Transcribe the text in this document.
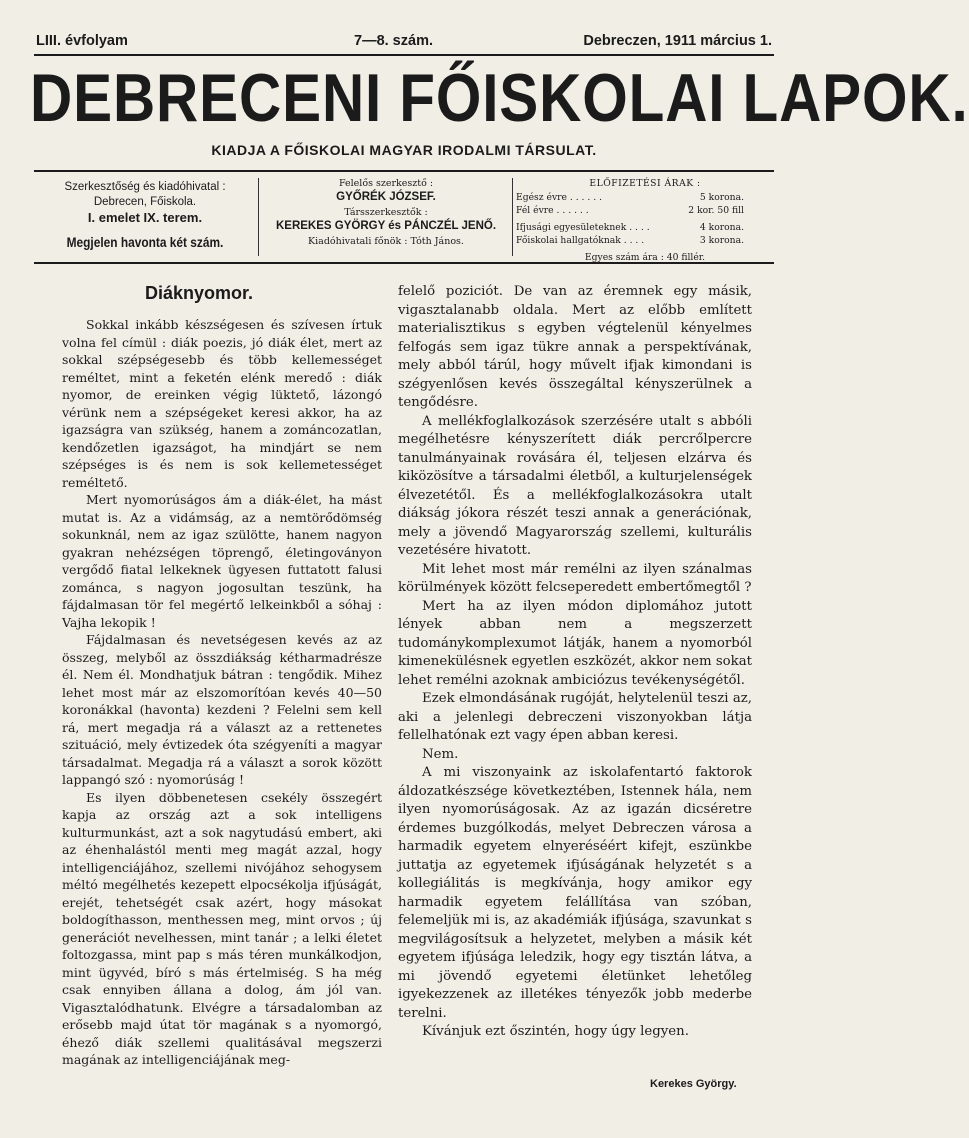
LIII. évfolyam	7—8. szám.	Debreczen, 1911 március 1.
DEBRECENI FŐISKOLAI LAPOK.
KIADJA A FŐISKOLAI MAGYAR IRODALMI TÁRSULAT.
Szerkesztőség és kiadóhivatal :
Debrecen, Főiskola.
I. emelet IX. terem.
Megjelen havonta két szám.
Felelős szerkesztő :
GYŐRÉK JÓZSEF.
Társszerkesztők :
KEREKES GYÖRGY és PÁNCZÉL JENŐ.
Kiadóhivatali főnök : Tóth János.
ELŐFIZETÉSI ÁRAK :
Egész évre . . . . . .	5 korona.
Fél évre . . . . . .	2 kor. 50 fill
Ifjusági egyesületeknek . . . .	4 korona.
Főiskolai hallgatóknak . . . .	3 korona.
Egyes szám ára : 40 fillér.
Diáknyomor.

Sokkal inkább készségesen és szívesen írtuk volna fel címül : diák poezis, jó diák élet, mert az sokkal szépségesebb és több kellemességet reméltet, mint a feketén elénk meredő : diák nyomor, de ereinken végig lüktető, lázongó vérünk nem a szépségeket keresi akkor, ha az igazságra van szükség, hanem a zománcozatlan, kendőzetlen igazságot, ha mindjárt se nem szépséges is és nem is sok kellemetességet reméltető.

Mert nyomorúságos ám a diák-élet, ha mást mutat is. Az a vidámság, az a nemtörődömség sokunknál, nem az igaz szülötte, hanem nagyon gyakran nehézségen töprengő, életingoványon vergődő fiatal lelkeknek ügyesen futtatott falusi zománca, s nagyon jogosultan teszünk, ha fájdalmasan tör fel megértő lelkeinkből a sóhaj : Vajha lekopik !

Fájdalmasan és nevetségesen kevés az az összeg, melyből az összdiákság kétharmadrésze él. Nem él. Mondhatjuk bátran : tengődik. Mihez lehet most már az elszomorítóan kevés 40—50 koronákkal (havonta) kezdeni ? Felelni sem kell rá, mert megadja rá a választ az a rettenetes szituáció, mely évtizedek óta szégyeníti a magyar társadalmat. Megadja rá a választ a sorok között lappangó szó : nyomorúság !

Es ilyen döbbenetesen csekély összegért kapja az ország azt a sok intelligens kulturmunkást, azt a sok nagytudású embert, aki az éhenhalástól menti meg magát azzal, hogy intelligenciájához, szellemi nivójához sehogysem méltó megélhetés kezepett elpocsékolja ifjúságát, erejét, tehetségét csak azért, hogy másokat boldogíthasson, menthessen meg, mint orvos ; új generációt nevelhessen, mint tanár ; a lelki életet foltozgassa, mint pap s más téren munkálkodjon, mint ügyvéd, bíró s más értelmiség. S ha még csak ennyiben állana a dolog, ám jól van. Vigasztalódhatunk. Elvégre a társadalomban az erősebb majd útat tör magának s a nyomorgó, éhező diák szellemi qualitásával megszerzi magának az intelligenciájának meg-

felelő poziciót. De van az éremnek egy másik, vigasztalanabb oldala. Mert az előbb említett materialisztikus s egyben végtelenül kényelmes felfogás sem igaz tükre annak a perspektívának, mely abból tárúl, hogy művelt ifjak kimondani is szégyenlősen kevés összegáltal kényszerülnek a tengődésre.

A mellékfoglalkozások szerzésére utalt s abbóli megélhetésre kényszerített diák percrőlpercre tanulmányainak rovására él, teljesen elzárva és kiközösítve a társadalmi életből, a kulturjelenségek élvezetétől. És a mellékfoglalkozásokra utalt diákság jókora részét teszi annak a generációnak, mely a jövendő Magyarország szellemi, kulturális vezetésére hivatott.

Mit lehet most már remélni az ilyen szánalmas körülmények között felcseperedett embertőmegtől ?

Mert ha az ilyen módon diplomához jutott lények abban nem a megszerzett tudománykomplexumot látják, hanem a nyomorból kimenekülésnek egyetlen eszközét, akkor nem sokat lehet remélni azoknak ambiciózus tevékenységétől.

Ezek elmondásának rugóját, helytelenül teszi az, aki a jelenlegi debreczeni viszonyokban látja fellelhatónak ezt vagy épen abban keresi.

Nem.

A mi viszonyaink az iskolafentartó faktorok áldozatkészsége következtében, Istennek hála, nem ilyen nyomorúságosak. Az az igazán dicséretre érdemes buzgólkodás, melyet Debreczen városa a harmadik egyetem elnyeréséért kifejt, eszünkbe juttatja az egyetemek ifjúságának helyzetét s a kollegiálitás is megkívánja, hogy amikor egy harmadik egyetem felállítása van szóban, felemeljük mi is, az akadémiák ifjúsága, szavunkat s megvilágosítsuk a helyzetet, melyben a másik két egyetem ifjúsága leledzik, hogy egy tisztán látva, a mi jövendő egyetemi életünket lehetőleg igyekezzenek az illetékes tényezők jobb mederbe terelni.

Kívánjuk ezt őszintén, hogy úgy legyen.

Kerekes György.
